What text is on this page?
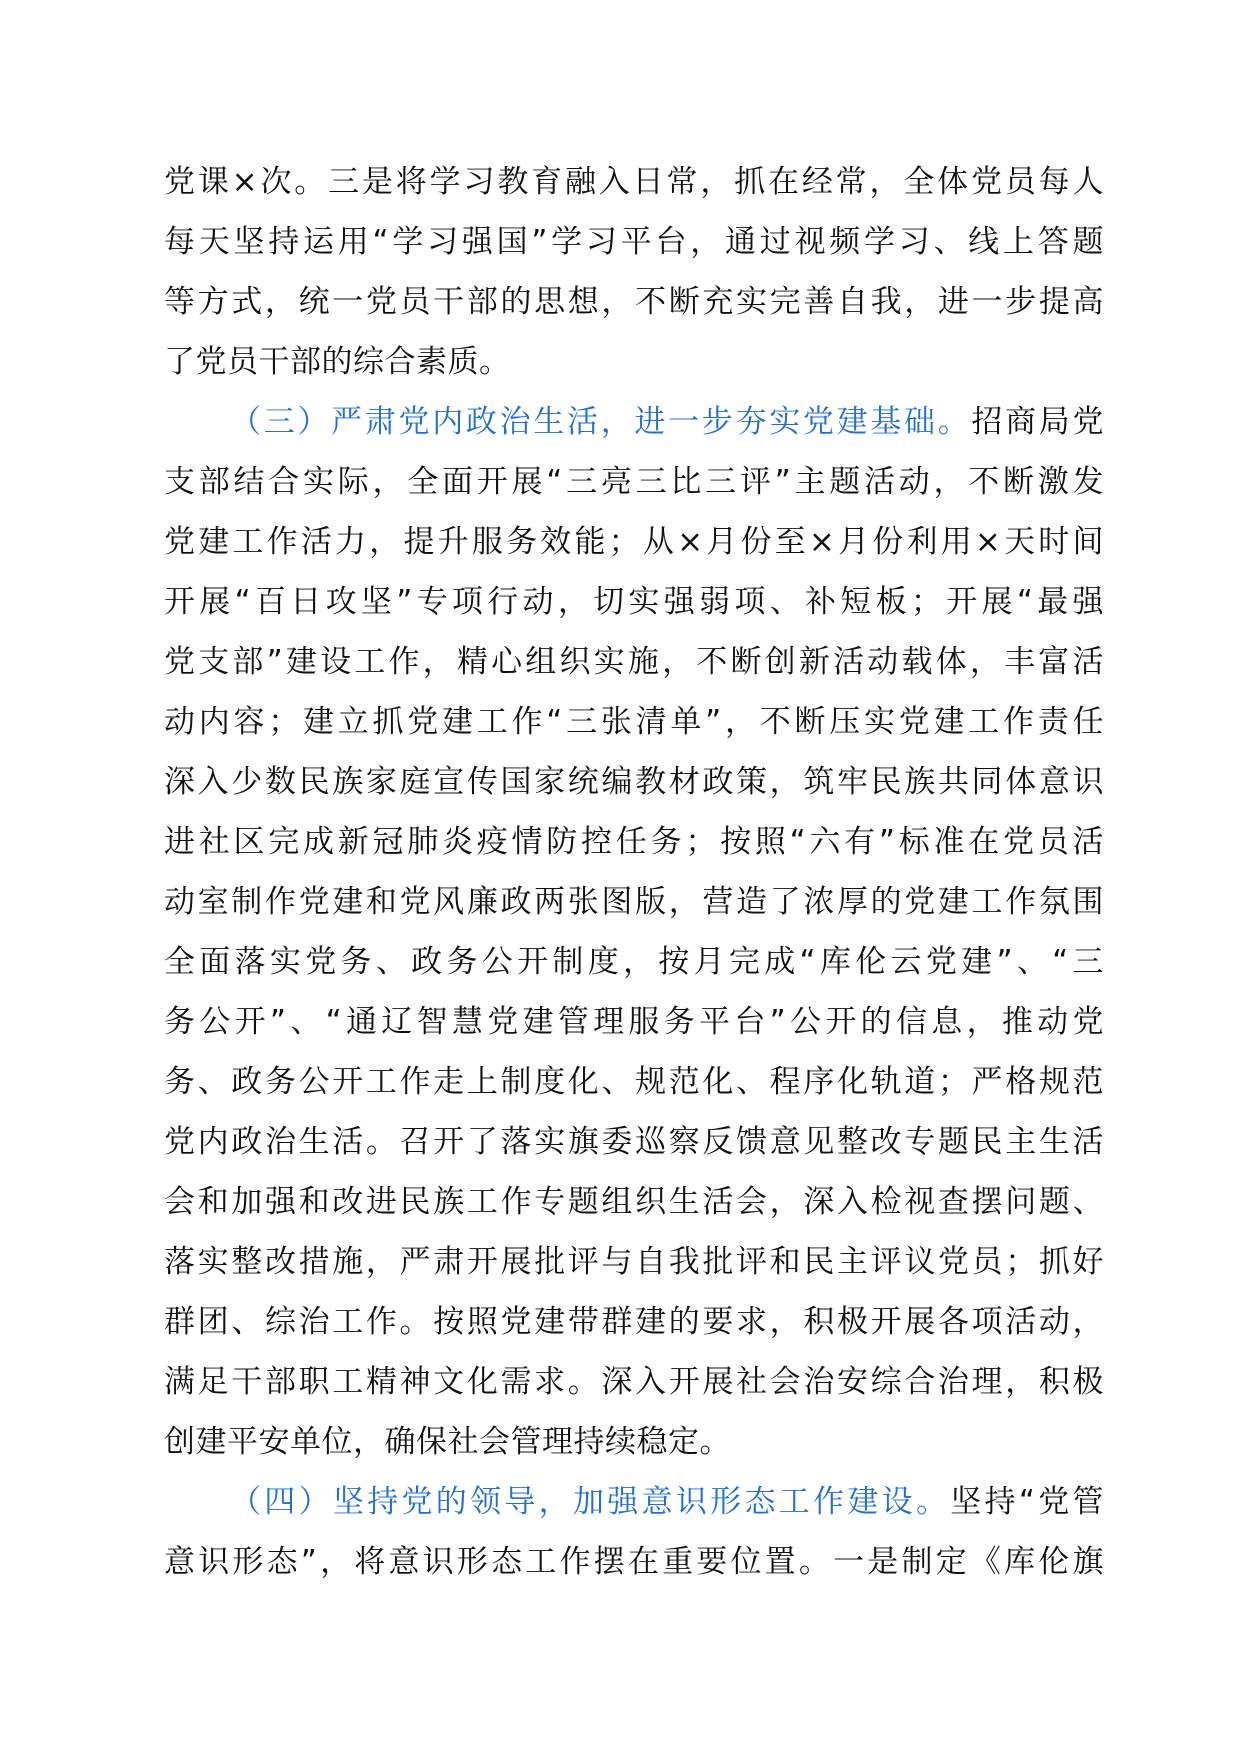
党课×次。三是将学习教育融入日常，抓在经常，全体党员每人
每天坚持运用“学习强国”学习平台，通过视频学习、线上答题
等方式，统一党员干部的思想，不断充实完善自我，进一步提高
了党员干部的综合素质。
（三）严肃党内政治生活，进一步夯实党建基础。招商局党
支部结合实际，全面开展“三亮三比三评”主题活动，不断激发
党建工作活力，提升服务效能；从×月份至×月份利用×天时间
开展“百日攻坚”专项行动，切实强弱项、补短板；开展“最强
党支部”建设工作，精心组织实施，不断创新活动载体，丰富活
动内容；建立抓党建工作“三张清单”，不断压实党建工作责任
深入少数民族家庭宣传国家统编教材政策，筑牢民族共同体意识
进社区完成新冠肺炎疫情防控任务；按照“六有”标准在党员活
动室制作党建和党风廉政两张图版，营造了浓厚的党建工作氛围
全面落实党务、政务公开制度，按月完成“库伦云党建”、“三
务公开”、“通辽智慧党建管理服务平台”公开的信息，推动党
务、政务公开工作走上制度化、规范化、程序化轨道；严格规范
党内政治生活。召开了落实旗委巡察反馈意见整改专题民主生活
会和加强和改进民族工作专题组织生活会，深入检视查摆问题、
落实整改措施，严肃开展批评与自我批评和民主评议党员；抓好
群团、综治工作。按照党建带群建的要求，积极开展各项活动，
满足干部职工精神文化需求。深入开展社会治安综合治理，积极
创建平安单位，确保社会管理持续稳定。
（四）坚持党的领导，加强意识形态工作建设。坚持“党管
意识形态”，将意识形态工作摆在重要位置。一是制定《库伦旗
